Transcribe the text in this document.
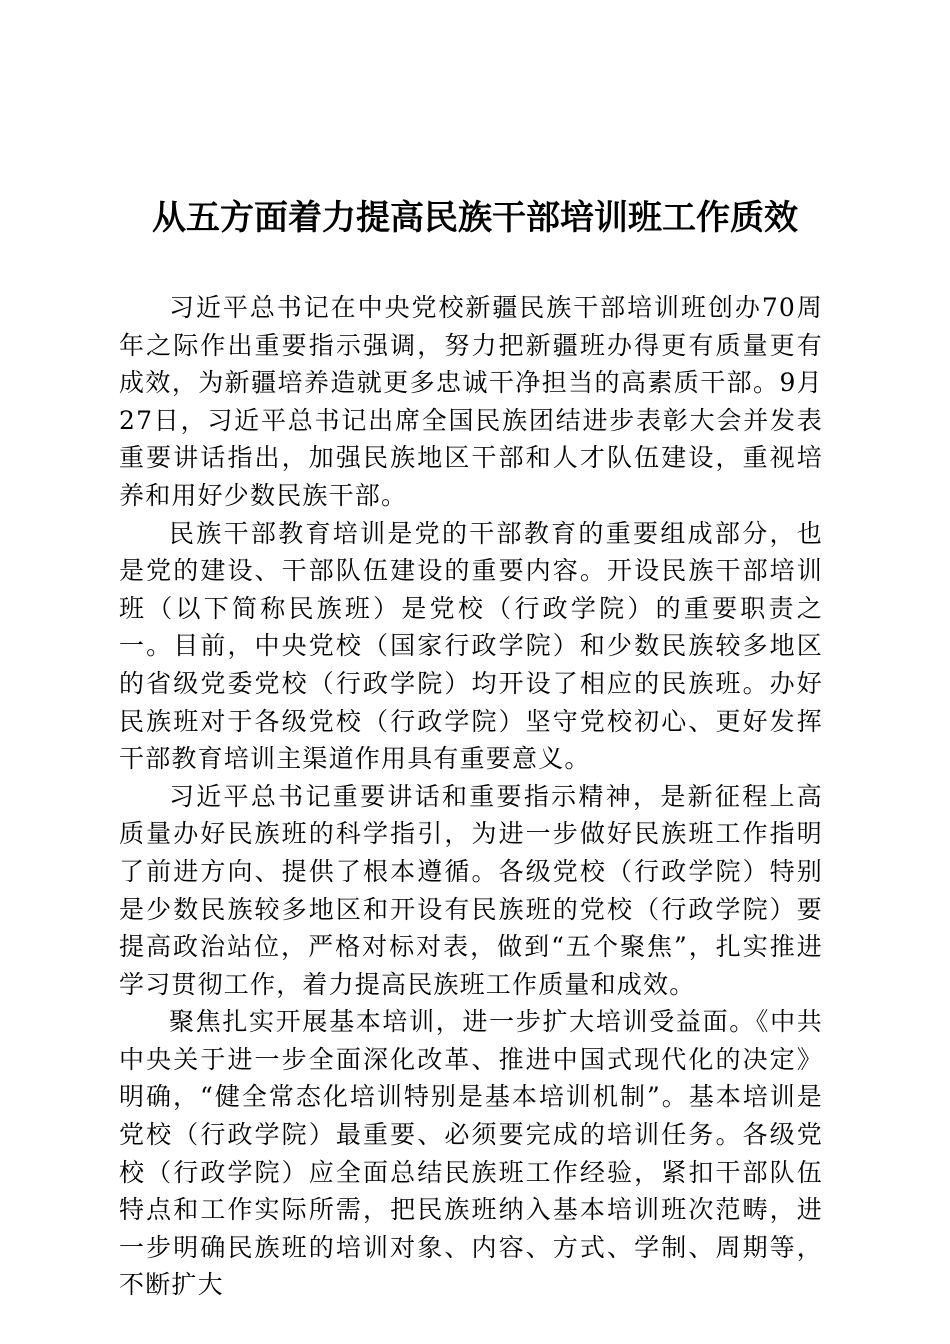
从五方面着力提高民族干部培训班工作质效

习近平总书记在中央党校新疆民族干部培训班创办70周年之际作出重要指示强调，努力把新疆班办得更有质量更有成效，为新疆培养造就更多忠诚干净担当的高素质干部。9月27日，习近平总书记出席全国民族团结进步表彰大会并发表重要讲话指出，加强民族地区干部和人才队伍建设，重视培养和用好少数民族干部。

民族干部教育培训是党的干部教育的重要组成部分，也是党的建设、干部队伍建设的重要内容。开设民族干部培训班（以下简称民族班）是党校（行政学院）的重要职责之一。目前，中央党校（国家行政学院）和少数民族较多地区的省级党委党校（行政学院）均开设了相应的民族班。办好民族班对于各级党校（行政学院）坚守党校初心、更好发挥干部教育培训主渠道作用具有重要意义。

习近平总书记重要讲话和重要指示精神，是新征程上高质量办好民族班的科学指引，为进一步做好民族班工作指明了前进方向、提供了根本遵循。各级党校（行政学院）特别是少数民族较多地区和开设有民族班的党校（行政学院）要提高政治站位，严格对标对表，做到“五个聚焦”，扎实推进学习贯彻工作，着力提高民族班工作质量和成效。

聚焦扎实开展基本培训，进一步扩大培训受益面。《中共中央关于进一步全面深化改革、推进中国式现代化的决定》明确，“健全常态化培训特别是基本培训机制”。基本培训是党校（行政学院）最重要、必须要完成的培训任务。各级党校（行政学院）应全面总结民族班工作经验，紧扣干部队伍特点和工作实际所需，把民族班纳入基本培训班次范畴，进一步明确民族班的培训对象、内容、方式、学制、周期等，不断扩大
